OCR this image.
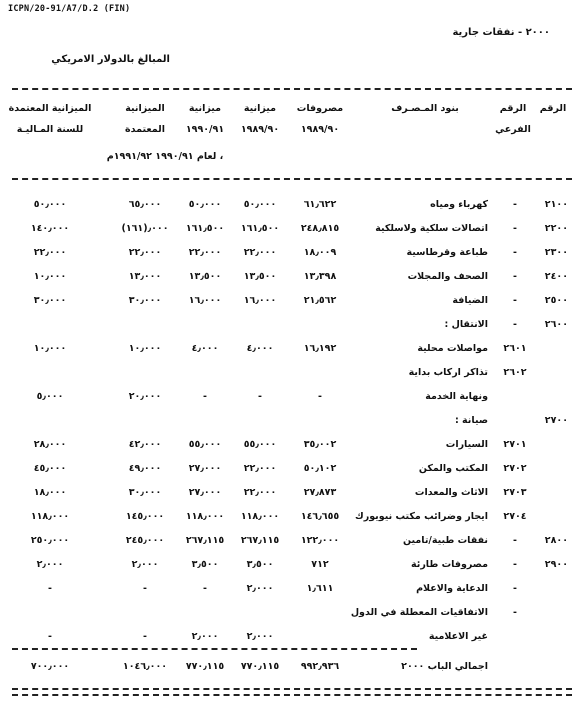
ICPN/20-91/A7/D.2 (FIN)
٢٠٠٠ - نفقات جارية
المبالغ بالدولار الامريكي
الرقم
الرقم
الفرعي
بنود المـصـرف
مصروفات
١٩٨٩/٩٠
ميزانية
١٩٨٩/٩٠
ميزانية
١٩٩٠/٩١
الميزانية
المعتمدة
الميزانية المعتمدة
للسنة المـاليـة
، لعام ١٩٩٠/٩١ ١٩٩١/٩٢م
٢١٠٠
-
كهرباء ومياه
٦١٫٦٢٢
٥٠٫٠٠٠
٥٠٫٠٠٠
٦٥٫٠٠٠
٥٠٫٠٠٠
٢٢٠٠
-
اتصالات سلكية ولاسلكية
٢٤٨٫٨١٥
١٦١٫٥٠٠
١٦١٫٥٠٠
(١٦١)٫٠٠٠
١٤٠٫٠٠٠
٢٣٠٠
-
طباعة وقرطاسية
١٨٫٠٠٩
٢٢٫٠٠٠
٢٢٫٠٠٠
٢٢٫٠٠٠
٢٢٫٠٠٠
٢٤٠٠
-
الصحف والمجلات
١٣٫٣٩٨
١٣٫٥٠٠
١٣٫٥٠٠
١٣٫٠٠٠
١٠٫٠٠٠
٢٥٠٠
-
الضيافة
٢١٫٥٦٢
١٦٫٠٠٠
١٦٫٠٠٠
٣٠٫٠٠٠
٣٠٫٠٠٠
٢٦٠٠
-
الانتقال :
٢٦٠١
مواصلات محلية
١٦٫١٩٢
٤٫٠٠٠
٤٫٠٠٠
١٠٫٠٠٠
١٠٫٠٠٠
٢٦٠٢
تذاكر اركاب بداية
ونهاية الخدمة
-
-
-
٢٠٫٠٠٠
٥٫٠٠٠
٢٧٠٠
صيانة :
٢٧٠١
السيارات
٣٥٫٠٠٢
٥٥٫٠٠٠
٥٥٫٠٠٠
٤٢٫٠٠٠
٢٨٫٠٠٠
٢٧٠٢
المكتب والمكن
٥٠٫١٠٢
٢٢٫٠٠٠
٢٧٫٠٠٠
٤٩٫٠٠٠
٤٥٫٠٠٠
٢٧٠٣
الاثاث والمعدات
٢٧٫٨٧٣
٢٢٫٠٠٠
٢٧٫٠٠٠
٣٠٫٠٠٠
١٨٫٠٠٠
٢٧٠٤
ايجار وضرائب مكتب نيويورك
١٤٦٫٦٥٥
١١٨٫٠٠٠
١١٨٫٠٠٠
١٤٥٫٠٠٠
١١٨٫٠٠٠
٢٨٠٠
-
نفقات طبية/تامين
١٢٢٫٠٠٠
٢٦٧٫١١٥
٢٦٧٫١١٥
٢٤٥٫٠٠٠
٢٥٠٫٠٠٠
٢٩٠٠
-
مصروفات طارئة
٧١٢
٣٫٥٠٠
٣٫٥٠٠
٢٫٠٠٠
٢٫٠٠٠
-
الدعاية والاعلام
١٫٦١١
٢٫٠٠٠
-
-
-
-
الاتفاقيات المعطلة في الدول
غير الاعلامية
٢٫٠٠٠
٢٫٠٠٠
-
-
اجمالي الباب ٢٠٠٠
٩٩٢٫٩٣٦
٧٧٠٫١١٥
٧٧٠٫١١٥
١٠٤٦٫٠٠٠
٧٠٠٫٠٠٠
